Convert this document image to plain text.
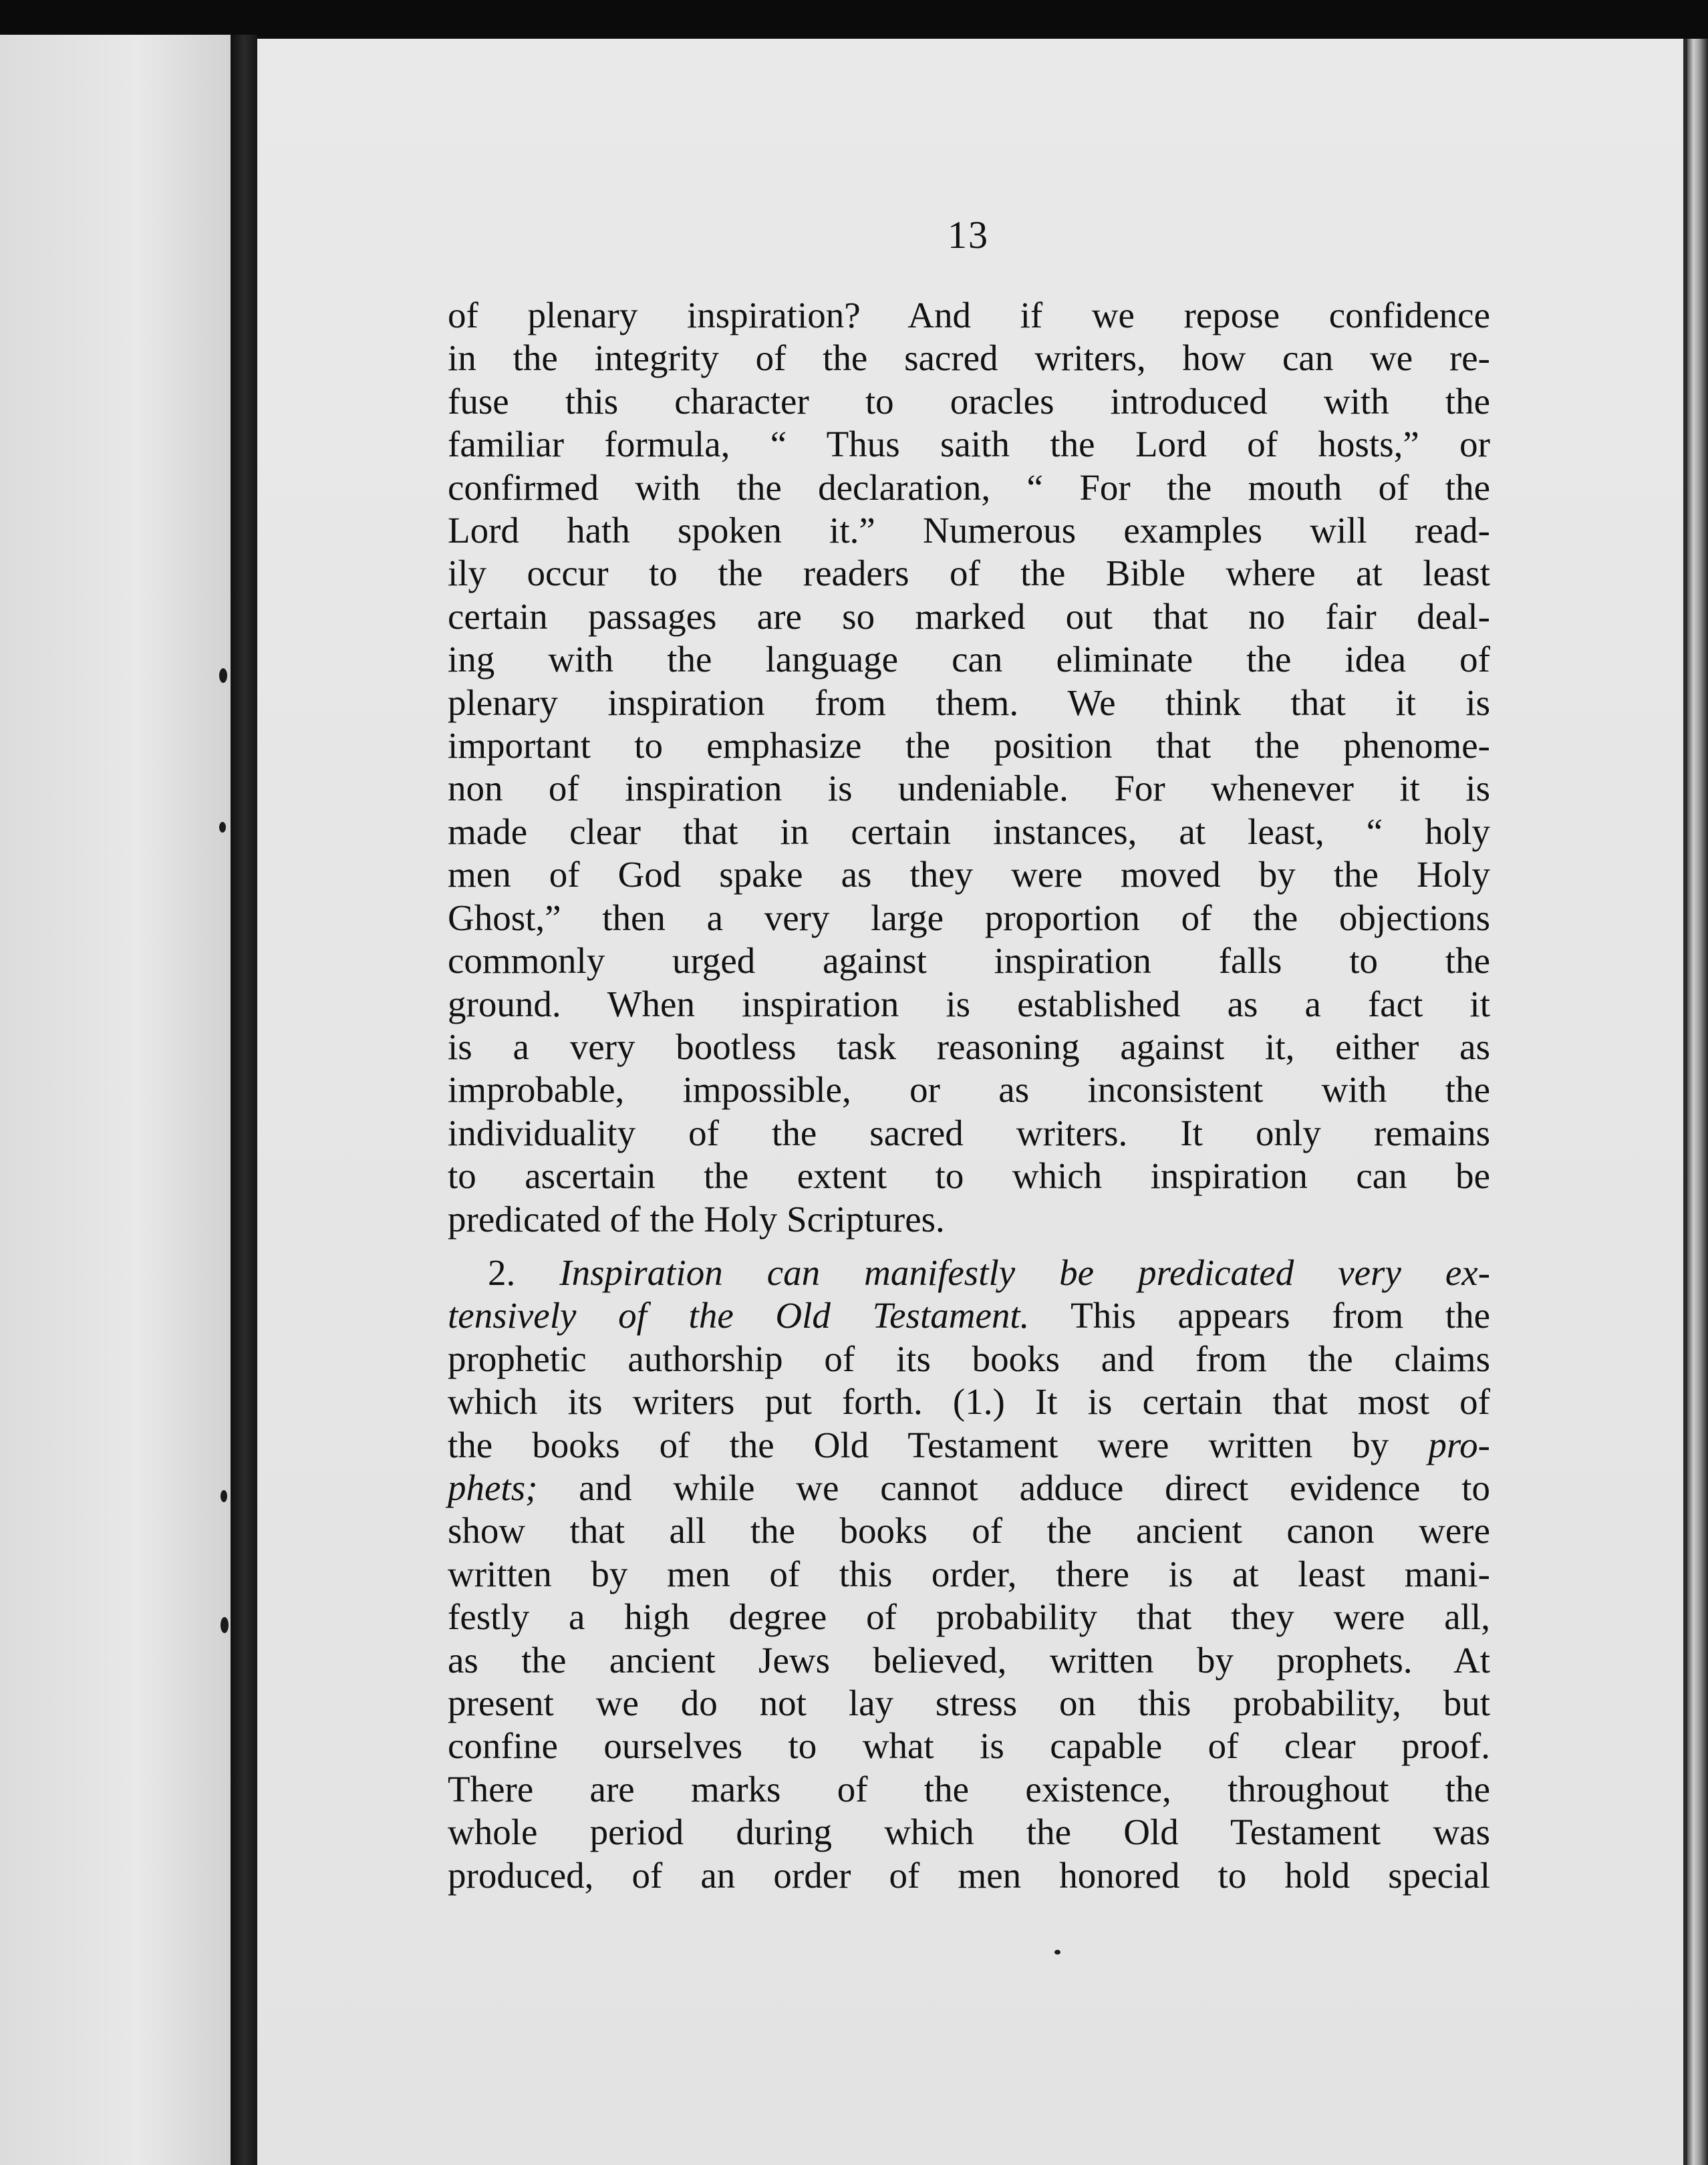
13
of plenary inspiration? And if we repose confidence
in the integrity of the sacred writers, how can we re-
fuse this character to oracles introduced with the
familiar formula, “ Thus saith the Lord of hosts,” or
confirmed with the declaration, “ For the mouth of the
Lord hath spoken it.” Numerous examples will read-
ily occur to the readers of the Bible where at least
certain passages are so marked out that no fair deal-
ing with the language can eliminate the idea of
plenary inspiration from them. We think that it is
important to emphasize the position that the phenome-
non of inspiration is undeniable. For whenever it is
made clear that in certain instances, at least, “ holy
men of God spake as they were moved by the Holy
Ghost,” then a very large proportion of the objections
commonly urged against inspiration falls to the
ground. When inspiration is established as a fact it
is a very bootless task reasoning against it, either as
improbable, impossible, or as inconsistent with the
individuality of the sacred writers. It only remains
to ascertain the extent to which inspiration can be
predicated of the Holy Scriptures.
2. Inspiration can manifestly be predicated very ex-
tensively of the Old Testament. This appears from the
prophetic authorship of its books and from the claims
which its writers put forth. (1.) It is certain that most of
the books of the Old Testament were written by pro-
phets; and while we cannot adduce direct evidence to
show that all the books of the ancient canon were
written by men of this order, there is at least mani-
festly a high degree of probability that they were all,
as the ancient Jews believed, written by prophets. At
present we do not lay stress on this probability, but
confine ourselves to what is capable of clear proof.
There are marks of the existence, throughout the
whole period during which the Old Testament was
produced, of an order of men honored to hold special
